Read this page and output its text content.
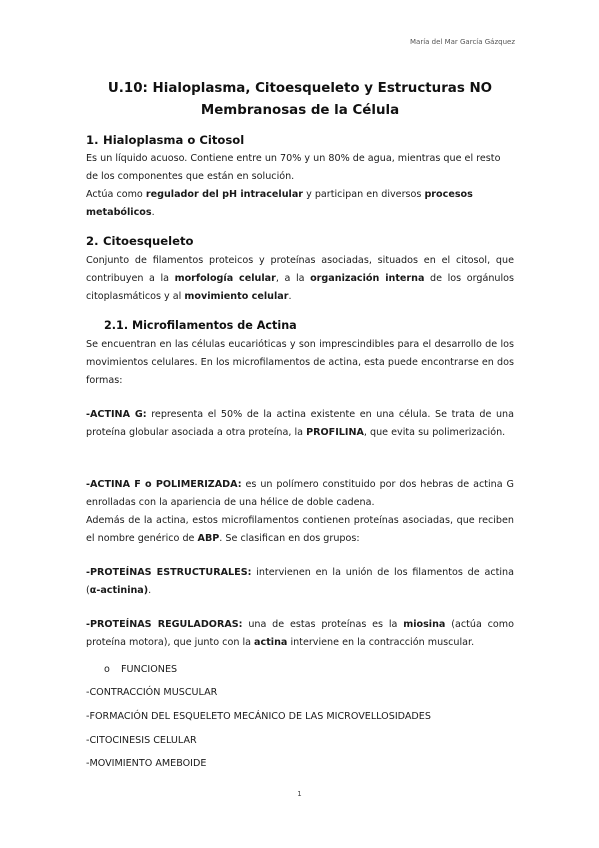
María del Mar García Gázquez
U.10: Hialoplasma, Citoesqueleto y Estructuras NO
Membranosas de la Célula
1. Hialoplasma o Citosol

Es un líquido acuoso. Contiene entre un 70% y un 80% de agua, mientras que el resto de los componentes que están en solución.

Actúa como regulador del pH intracelular y participan en diversos procesos metabólicos.

2. Citoesqueleto

Conjunto de filamentos proteicos y proteínas asociadas, situados en el citosol, que contribuyen a la morfología celular, a la organización interna de los orgánulos citoplasmáticos y al movimiento celular.

2.1. Microfilamentos de Actina

Se encuentran en las células eucarióticas y son imprescindibles para el desarrollo de los movimientos celulares. En los microfilamentos de actina, esta puede encontrarse en dos formas:

-ACTINA G: representa el 50% de la actina existente en una célula. Se trata de una proteína globular asociada a otra proteína, la PROFILINA, que evita su polimerización.

-ACTINA F o POLIMERIZADA: es un polímero constituido por dos hebras de actina G enrolladas con la apariencia de una hélice de doble cadena.

Además de la actina, estos microfilamentos contienen proteínas asociadas, que reciben el nombre genérico de ABP. Se clasifican en dos grupos:

-PROTEÍNAS ESTRUCTURALES: intervienen en la unión de los filamentos de actina (α-actinina).

-PROTEÍNAS REGULADORAS: una de estas proteínas es la miosina (actúa como proteína motora), que junto con la actina interviene en la contracción muscular.

o FUNCIONES

-CONTRACCIÓN MUSCULAR

-FORMACIÓN DEL ESQUELETO MECÁNICO DE LAS MICROVELLOSIDADES

-CITOCINESIS CELULAR

-MOVIMIENTO AMEBOIDE

1
